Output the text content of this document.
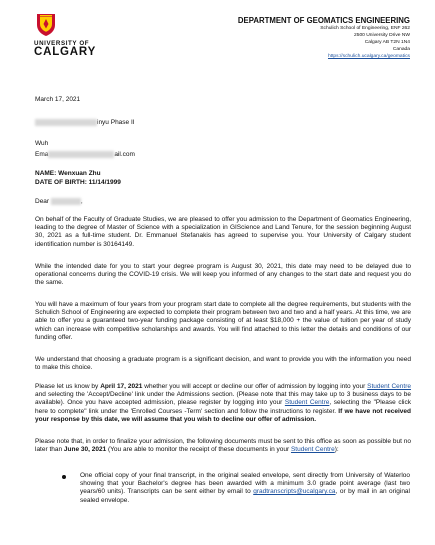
UNIVERSITY OF
CALGARY
DEPARTMENT OF GEOMATICS ENGINEERING
Schulich School of Engineering, ENF 262
2500 University Drive NW
Calgary AB T2N 1N4
Canada
https://schulich.ucalgary.ca/geomatics
March 17, 2021
inyu Phase II
Wuh
Ema	ail.com
NAME: Wenxuan Zhu
DATE OF BIRTH: 11/14/1999
Dear	,

On behalf of the Faculty of Graduate Studies, we are pleased to offer you admission to the Department of Geomatics Engineering, leading to the degree of Master of Science with a specialization in GIScience and Land Tenure, for the session beginning August 30, 2021 as a full-time student. Dr. Emmanuel Stefanakis has agreed to supervise you. Your University of Calgary student identification number is 30164149.

While the intended date for you to start your degree program is August 30, 2021, this date may need to be delayed due to operational concerns during the COVID-19 crisis. We will keep you informed of any changes to the start date and request you do the same.

You will have a maximum of four years from your program start date to complete all the degree requirements, but students with the Schulich School of Engineering are expected to complete their program between two and two and a half years. At this time, we are able to offer you a guaranteed two-year funding package consisting of at least $18,000 + the value of tuition per year of study which can increase with competitive scholarships and awards. You will find attached to this letter the details and conditions of our funding offer.

We understand that choosing a graduate program is a significant decision, and want to provide you with the information you need to make this choice.

Please let us know by April 17, 2021 whether you will accept or decline our offer of admission by logging into your Student Centre and selecting the 'Accept/Decline' link under the Admissions section. (Please note that this may take up to 3 business days to be available). Once you have accepted admission, please register by logging into your Student Centre, selecting the "Please click here to complete" link under the 'Enrolled Courses -Term' section and follow the instructions to register. If we have not received your response by this date, we will assume that you wish to decline our offer of admission.

Please note that, in order to finalize your admission, the following documents must be sent to this office as soon as possible but no later than June 30, 2021 (You are able to monitor the receipt of these documents in your Student Centre):

One official copy of your final transcript, in the original sealed envelope, sent directly from University of Waterloo showing that your Bachelor's degree has been awarded with a minimum 3.0 grade point average (last two years/60 units). Transcripts can be sent either by email to gradtranscripts@ucalgary.ca, or by mail in an original sealed envelope.
